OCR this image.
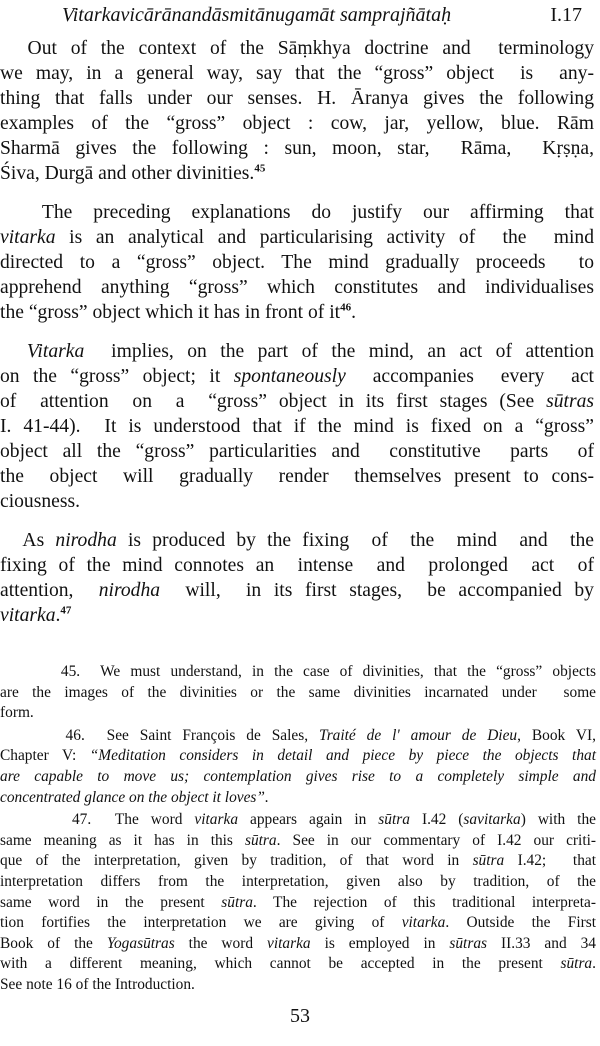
Vitarkavicārānandāsmitānugamāt samprajñātaḥ	I.17
Out of the context of the Sāṃkhya doctrine and  terminology
we may, in a general way, say that the “gross” object  is  any-
thing that falls under our senses. H. Āranya gives the following
examples of the “gross” object : cow, jar, yellow, blue. Rām
Sharmā gives the following : sun, moon, star,  Rāma,  Kṛṣṇa,
Śiva, Durgā and other divinities.$^{45}$
The preceding explanations do justify our affirming that
vitarka is an analytical and particularising activity of  the  mind
directed to a “gross” object. The mind gradually proceeds  to
apprehend anything “gross” which constitutes and individualises
the “gross” object which it has in front of $it^{46}$.
Vitarka  implies, on the part of the mind, an act of attention
on the “gross” object; it spontaneously  accompanies  every  act
of  attention  on  a  “gross” object in its first stages (See sūtras
I. 41-44).  It is understood that if the mind is fixed on a “gross”
object all the “gross” particularities and  constitutive  parts  of
the  object  will  gradually  render  themselves present to cons-
ciousness.
As nirodha is produced by the fixing  of  the  mind  and  the
fixing of the mind connotes an  intense  and  prolonged  act  of
attention,  nirodha  will,  in its first stages,  be accompanied by
vitarka.$^{47}$
45.  We must understand, in the case of divinities, that the “gross” objects
are the images of the divinities or the same divinities incarnated under  some
form.
46.  See Saint François de Sales, Traité de l' amour de Dieu, Book VI,
Chapter V: “Meditation considers in detail and piece by piece the objects that
are capable to move us; contemplation gives rise to a completely simple and
concentrated glance on the object it loves”.
47.  The word vitarka appears again in sūtra I.42 (savitarka) with the
same meaning as it has in this sūtra. See in our commentary of I.42 our criti-
que of the interpretation, given by tradition, of that word in sūtra I.42;  that
interpretation differs from the interpretation, given also by tradition, of the
same word in the present sūtra. The rejection of this traditional interpreta-
tion fortifies the interpretation we are giving of vitarka. Outside the First
Book of the Yogasūtras the word vitarka is employed in sūtras II.33 and 34
with a different meaning, which cannot be accepted in the present sūtra.
See note 16 of the Introduction.
53
